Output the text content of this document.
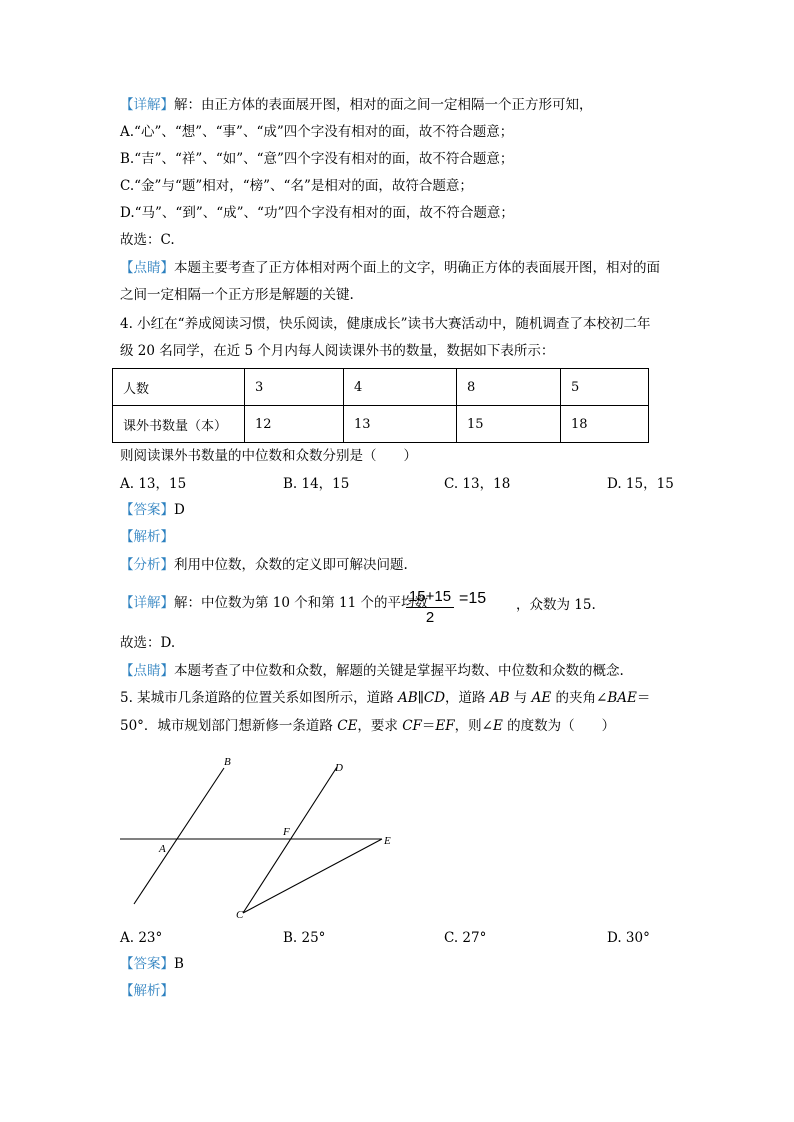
【详解】解：由正方体的表面展开图，相对的面之间一定相隔一个正方形可知，
A.“心”、“想”、“事”、“成”四个字没有相对的面，故不符合题意；
B.“吉”、“祥”、“如”、“意”四个字没有相对的面，故不符合题意；
C.“金”与“题”相对，“榜”、“名”是相对的面，故符合题意；
D.“马”、“到”、“成”、“功”四个字没有相对的面，故不符合题意；
故选：C.
【点睛】本题主要考查了正方体相对两个面上的文字，明确正方体的表面展开图，相对的面
之间一定相隔一个正方形是解题的关键.
4. 小红在“养成阅读习惯，快乐阅读，健康成长”读书大赛活动中，随机调查了本校初二年
级 20 名同学，在近 5 个月内每人阅读课外书的数量，数据如下表所示：
人数	3	4	8	5
课外书数量（本）	12	13	15	18
则阅读课外书数量的中位数和众数分别是（　　）
A. 13，15	B. 14，15	C. 13，18	D. 15，15
【答案】D
【解析】
【分析】利用中位数，众数的定义即可解决问题.
【详解】解：中位数为第 10 个和第 11 个的平均数
15+15
2
=15 ，众数为 15.
故选：D.
【点睛】本题考查了中位数和众数，解题的关键是掌握平均数、中位数和众数的概念.
5. 某城市几条道路的位置关系如图所示，道路 AB∥CD，道路 AB 与 AE 的夹角∠BAE＝
50°．城市规划部门想新修一条道路 CE，要求 CF＝EF，则∠E 的度数为（　　）
B	D
F
A
E
C
A. 23°	B. 25°	C. 27°	D. 30°
【答案】B
【解析】
